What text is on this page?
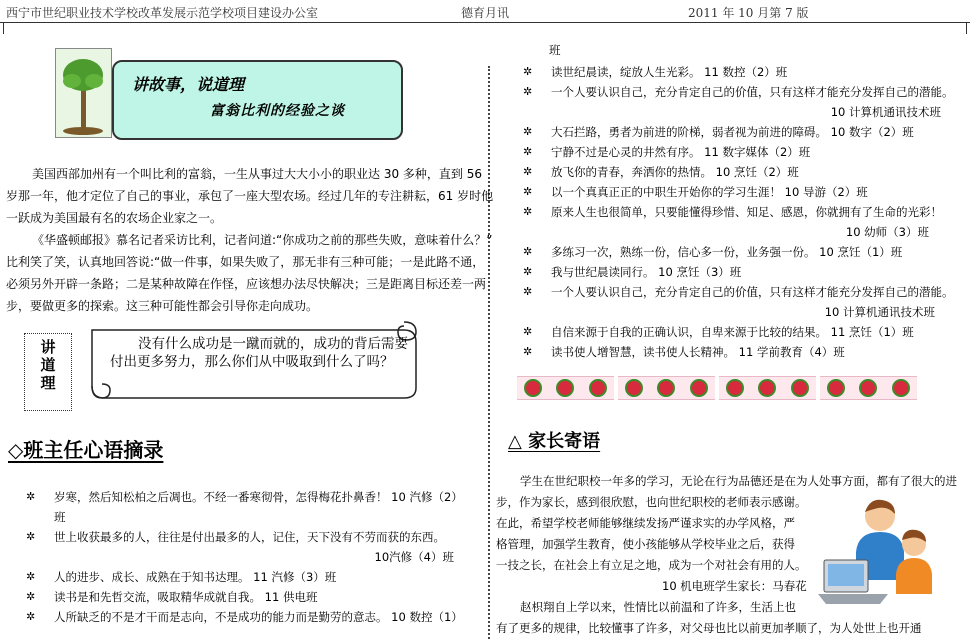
西宁市世纪职业技术学校改革发展示范学校项目建设办公室	德育月讯	2011 年 10 月第 7 版
讲故事，说道理
富翁比利的经验之谈
美国西部加州有一个叫比利的富翁，一生从事过大大小小的职业达 30 多种，直到 56
岁那一年，他才定位了自己的事业，承包了一座大型农场。经过几年的专注耕耘，61 岁时他
一跃成为美国最有名的农场企业家之一。
《华盛顿邮报》慕名记者采访比利，记者问道:“你成功之前的那些失败，意味着什么？”
比利笑了笑，认真地回答说:“做一件事，如果失败了，那无非有三种可能；一是此路不通，
必须另外开辟一条路；二是某种故障在作怪，应该想办法尽快解决；三是距离目标还差一两
步，要做更多的探索。这三种可能性都会引导你走向成功。
讲
道
理
没有什么成功是一蹴而就的，成功的背后需要付出更多努力，那么你们从中吸取到什么了吗？
◇班主任心语摘录
✲ 岁寒，然后知松柏之后凋也。不经一番寒彻骨，怎得梅花扑鼻香！ 10 汽修（2）
班
✲ 世上收获最多的人，往往是付出最多的人，记住，天下没有不劳而获的东西。
10汽修（4）班
✲ 人的进步、成长、成熟在于知书达理。 11 汽修（3）班
✲ 读书是和先哲交流，吸取精华成就自我。 11 供电班
✲ 人所缺乏的不是才干而是志向，不是成功的能力而是勤劳的意志。 10 数控（1）
班
✲ 读世纪晨读，绽放人生光彩。 11 数控（2）班
✲ 一个人要认识自己，充分肯定自己的价值，只有这样才能充分发挥自己的潜能。
10 计算机通讯技术班
✲ 大石拦路，勇者为前进的阶梯，弱者视为前进的障碍。 10 数字（2）班
✲ 宁静不过是心灵的井然有序。 11 数字媒体（2）班
✲ 放飞你的青春，奔洒你的热情。 10 烹饪（2）班
✲ 以一个真真正正的中职生开始你的学习生涯！ 10 导游（2）班
✲ 原来人生也很简单，只要能懂得珍惜、知足、感恩，你就拥有了生命的光彩！
10 幼师（3）班
✲ 多练习一次，熟练一份，信心多一份，业务强一份。 10 烹饪（1）班
✲ 我与世纪晨读同行。 10 烹饪（3）班
✲ 一个人要认识自己，充分肯定自己的价值，只有这样才能充分发挥自己的潜能。
10 计算机通讯技术班
✲ 自信来源于自我的正确认识，自卑来源于比较的结果。 11 烹饪（1）班
✲ 读书使人增智慧，读书使人长精神。 11 学前教育（4）班
△ 家长寄语
学生在世纪职校一年多的学习，无论在行为品德还是在为人处事方面，都有了很大的进
步，作为家长，感到很欣慰，也向世纪职校的老师表示感谢。
在此，希望学校老师能够继续发扬严谨求实的办学风格，严
格管理，加强学生教育，使小孩能够从学校毕业之后，获得
一技之长，在社会上有立足之地，成为一个对社会有用的人。
10 机电班学生家长：马春花
赵枳翔自上学以来，性情比以前温和了许多，生活上也
有了更多的规律，比较懂事了许多，对父母也比以前更加孝顺了，为人处世上也开通
